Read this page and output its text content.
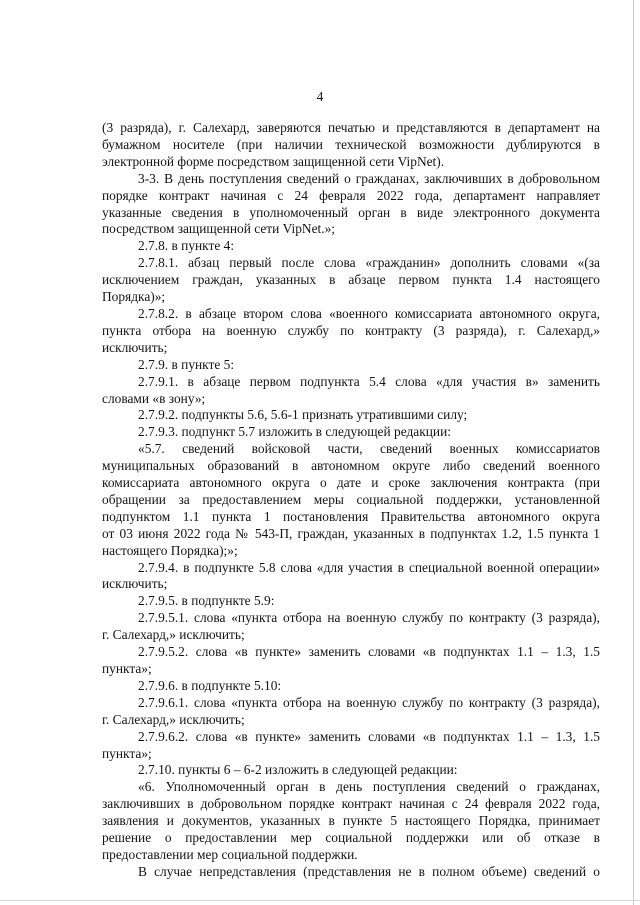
4
(3 разряда), г. Салехард, заверяются печатью и представляются в департамент на
бумажном носителе (при наличии технической возможности дублируются в
электронной форме посредством защищенной сети VipNet).
3-3. В день поступления сведений о гражданах, заключивших в добровольном
порядке контракт начиная с 24 февраля 2022 года, департамент направляет
указанные сведения в уполномоченный орган в виде электронного документа
посредством защищенной сети VipNet.»;
2.7.8. в пункте 4:
2.7.8.1. абзац первый после слова «гражданин» дополнить словами «(за
исключением граждан, указанных в абзаце первом пункта 1.4 настоящего
Порядка)»;
2.7.8.2. в абзаце втором слова «военного комиссариата автономного округа,
пункта отбора на военную службу по контракту (3 разряда), г. Салехард,»
исключить;
2.7.9. в пункте 5:
2.7.9.1. в абзаце первом подпункта 5.4 слова «для участия в» заменить
словами «в зону»;
2.7.9.2. подпункты 5.6, 5.6-1 признать утратившими силу;
2.7.9.3. подпункт 5.7 изложить в следующей редакции:
«5.7. сведений войсковой части, сведений военных комиссариатов
муниципальных образований в автономном округе либо сведений военного
комиссариата автономного округа о дате и сроке заключения контракта (при
обращении за предоставлением меры социальной поддержки, установленной
подпунктом 1.1 пункта 1 постановления Правительства автономного округа
от 03 июня 2022 года № 543-П, граждан, указанных в подпунктах 1.2, 1.5 пункта 1
настоящего Порядка);»;
2.7.9.4. в подпункте 5.8 слова «для участия в специальной военной операции»
исключить;
2.7.9.5. в подпункте 5.9:
2.7.9.5.1. слова «пункта отбора на военную службу по контракту (3 разряда),
г. Салехард,» исключить;
2.7.9.5.2. слова «в пункте» заменить словами «в подпунктах 1.1 – 1.3, 1.5
пункта»;
2.7.9.6. в подпункте 5.10:
2.7.9.6.1. слова «пункта отбора на военную службу по контракту (3 разряда),
г. Салехард,» исключить;
2.7.9.6.2. слова «в пункте» заменить словами «в подпунктах 1.1 – 1.3, 1.5
пункта»;
2.7.10. пункты 6 – 6-2 изложить в следующей редакции:
«6. Уполномоченный орган в день поступления сведений о гражданах,
заключивших в добровольном порядке контракт начиная с 24 февраля 2022 года,
заявления и документов, указанных в пункте 5 настоящего Порядка, принимает
решение о предоставлении мер социальной поддержки или об отказе в
предоставлении мер социальной поддержки.
В случае непредставления (представления не в полном объеме) сведений о
